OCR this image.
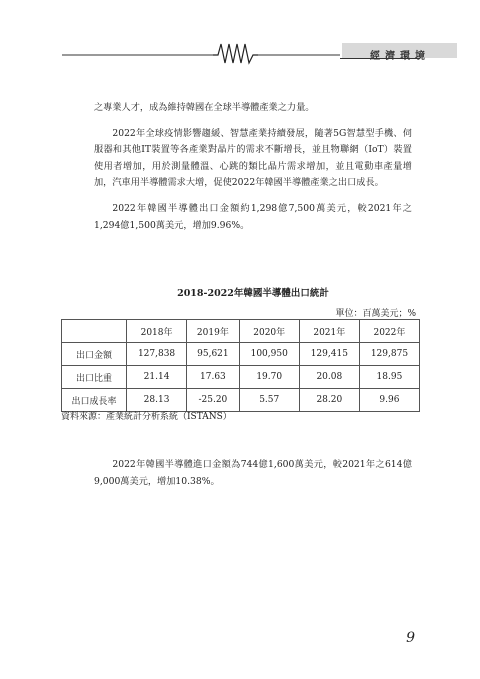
經濟環境

之專業人才，成為維持韓國在全球半導體產業之力量。

2022年全球疫情影響趨緩、智慧產業持續發展，隨著5G智慧型手機、伺服器和其他IT裝置等各產業對晶片的需求不斷增長，並且物聯網（IoT）裝置使用者增加，用於測量體溫、心跳的類比晶片需求增加，並且電動車產量增加，汽車用半導體需求大增，促使2022年韓國半導體產業之出口成長。

2022年韓國半導體出口金額約1,298億7,500萬美元，較2021年之1,294億1,500萬美元，增加9.96%。

2018-2022年韓國半導體出口統計
單位：百萬美元；%
	2018年	2019年	2020年	2021年	2022年
出口金額	127,838	95,621	100,950	129,415	129,875
出口比重	21.14	17.63	19.70	20.08	18.95
出口成長率	28.13	-25.20	5.57	28.20	9.96
資料來源：產業統計分析系統（ISTANS）

2022年韓國半導體進口金額為744億1,600萬美元，較2021年之614億9,000萬美元，增加10.38%。

9
